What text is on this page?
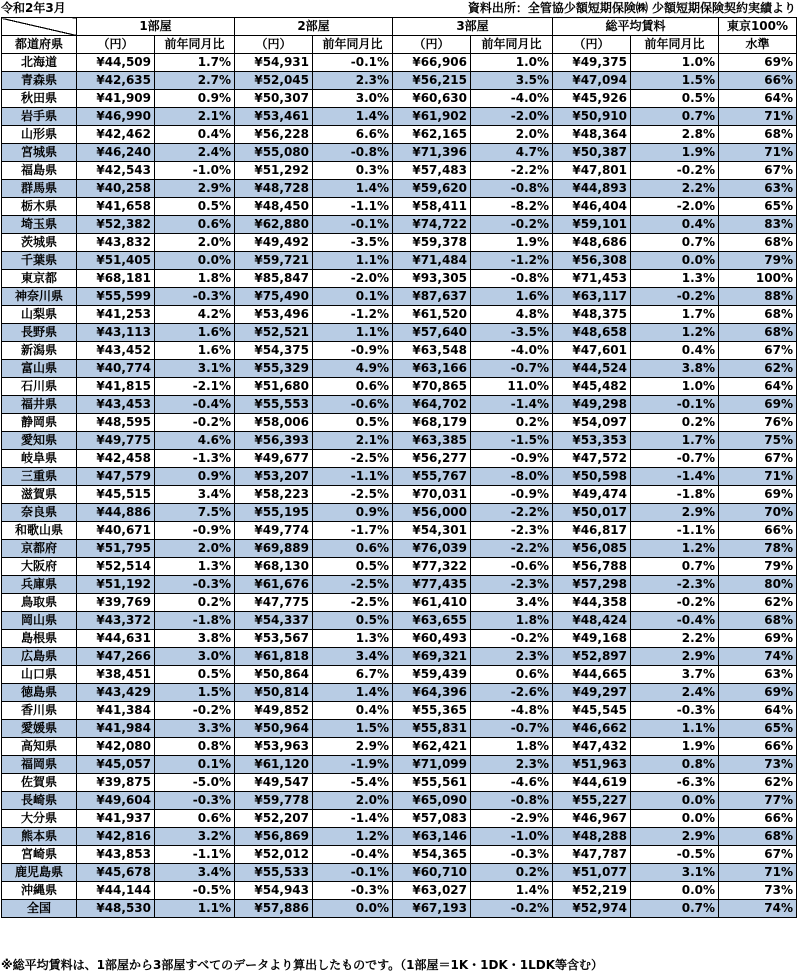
令和2年3月	資料出所：全管協少額短期保険㈱ 少額短期保険契約実績より
	1部屋		2部屋		3部屋		総平均賃料		東京100%
都道府県	（円）	前年同月比	（円）	前年同月比	（円）	前年同月比	（円）	前年同月比	水準
北海道	¥44,509	1.7%	¥54,931	-0.1%	¥66,906	1.0%	¥49,375	1.0%	69%
青森県	¥42,635	2.7%	¥52,045	2.3%	¥56,215	3.5%	¥47,094	1.5%	66%
秋田県	¥41,909	0.9%	¥50,307	3.0%	¥60,630	-4.0%	¥45,926	0.5%	64%
岩手県	¥46,990	2.1%	¥53,461	1.4%	¥61,902	-2.0%	¥50,910	0.7%	71%
山形県	¥42,462	0.4%	¥56,228	6.6%	¥62,165	2.0%	¥48,364	2.8%	68%
宮城県	¥46,240	2.4%	¥55,080	-0.8%	¥71,396	4.7%	¥50,387	1.9%	71%
福島県	¥42,543	-1.0%	¥51,292	0.3%	¥57,483	-2.2%	¥47,801	-0.2%	67%
群馬県	¥40,258	2.9%	¥48,728	1.4%	¥59,620	-0.8%	¥44,893	2.2%	63%
栃木県	¥41,658	0.5%	¥48,450	-1.1%	¥58,411	-8.2%	¥46,404	-2.0%	65%
埼玉県	¥52,382	0.6%	¥62,880	-0.1%	¥74,722	-0.2%	¥59,101	0.4%	83%
茨城県	¥43,832	2.0%	¥49,492	-3.5%	¥59,378	1.9%	¥48,686	0.7%	68%
千葉県	¥51,405	0.0%	¥59,721	1.1%	¥71,484	-1.2%	¥56,308	0.0%	79%
東京都	¥68,181	1.8%	¥85,847	-2.0%	¥93,305	-0.8%	¥71,453	1.3%	100%
神奈川県	¥55,599	-0.3%	¥75,490	0.1%	¥87,637	1.6%	¥63,117	-0.2%	88%
山梨県	¥41,253	4.2%	¥53,496	-1.2%	¥61,520	4.8%	¥48,375	1.7%	68%
長野県	¥43,113	1.6%	¥52,521	1.1%	¥57,640	-3.5%	¥48,658	1.2%	68%
新潟県	¥43,452	1.6%	¥54,375	-0.9%	¥63,548	-4.0%	¥47,601	0.4%	67%
富山県	¥40,774	3.1%	¥55,329	4.9%	¥63,166	-0.7%	¥44,524	3.8%	62%
石川県	¥41,815	-2.1%	¥51,680	0.6%	¥70,865	11.0%	¥45,482	1.0%	64%
福井県	¥43,453	-0.4%	¥55,553	-0.6%	¥64,702	-1.4%	¥49,298	-0.1%	69%
静岡県	¥48,595	-0.2%	¥58,006	0.5%	¥68,179	0.2%	¥54,097	0.2%	76%
愛知県	¥49,775	4.6%	¥56,393	2.1%	¥63,385	-1.5%	¥53,353	1.7%	75%
岐阜県	¥42,458	-1.3%	¥49,677	-2.5%	¥56,277	-0.9%	¥47,572	-0.7%	67%
三重県	¥47,579	0.9%	¥53,207	-1.1%	¥55,767	-8.0%	¥50,598	-1.4%	71%
滋賀県	¥45,515	3.4%	¥58,223	-2.5%	¥70,031	-0.9%	¥49,474	-1.8%	69%
奈良県	¥44,886	7.5%	¥55,195	0.9%	¥56,000	-2.2%	¥50,017	2.9%	70%
和歌山県	¥40,671	-0.9%	¥49,774	-1.7%	¥54,301	-2.3%	¥46,817	-1.1%	66%
京都府	¥51,795	2.0%	¥69,889	0.6%	¥76,039	-2.2%	¥56,085	1.2%	78%
大阪府	¥52,514	1.3%	¥68,130	0.5%	¥77,322	-0.6%	¥56,788	0.7%	79%
兵庫県	¥51,192	-0.3%	¥61,676	-2.5%	¥77,435	-2.3%	¥57,298	-2.3%	80%
鳥取県	¥39,769	0.2%	¥47,775	-2.5%	¥61,410	3.4%	¥44,358	-0.2%	62%
岡山県	¥43,372	-1.8%	¥54,337	0.5%	¥63,655	1.8%	¥48,424	-0.4%	68%
島根県	¥44,631	3.8%	¥53,567	1.3%	¥60,493	-0.2%	¥49,168	2.2%	69%
広島県	¥47,266	3.0%	¥61,818	3.4%	¥69,321	2.3%	¥52,897	2.9%	74%
山口県	¥38,451	0.5%	¥50,864	6.7%	¥59,439	0.6%	¥44,665	3.7%	63%
徳島県	¥43,429	1.5%	¥50,814	1.4%	¥64,396	-2.6%	¥49,297	2.4%	69%
香川県	¥41,384	-0.2%	¥49,852	0.4%	¥55,365	-4.8%	¥45,545	-0.3%	64%
愛媛県	¥41,984	3.3%	¥50,964	1.5%	¥55,831	-0.7%	¥46,662	1.1%	65%
高知県	¥42,080	0.8%	¥53,963	2.9%	¥62,421	1.8%	¥47,432	1.9%	66%
福岡県	¥45,057	0.1%	¥61,120	-1.9%	¥71,099	2.3%	¥51,963	0.8%	73%
佐賀県	¥39,875	-5.0%	¥49,547	-5.4%	¥55,561	-4.6%	¥44,619	-6.3%	62%
長崎県	¥49,604	-0.3%	¥59,778	2.0%	¥65,090	-0.8%	¥55,227	0.0%	77%
大分県	¥41,937	0.6%	¥52,207	-1.4%	¥57,083	-2.9%	¥46,967	0.0%	66%
熊本県	¥42,816	3.2%	¥56,869	1.2%	¥63,146	-1.0%	¥48,288	2.9%	68%
宮崎県	¥43,853	-1.1%	¥52,012	-0.4%	¥54,365	-0.3%	¥47,787	-0.5%	67%
鹿児島県	¥45,678	3.4%	¥55,533	-0.1%	¥60,710	0.2%	¥51,077	3.1%	71%
沖縄県	¥44,144	-0.5%	¥54,943	-0.3%	¥63,027	1.4%	¥52,219	0.0%	73%
全国	¥48,530	1.1%	¥57,886	0.0%	¥67,193	-0.2%	¥52,974	0.7%	74%
※総平均賃料は、1部屋から3部屋すべてのデータより算出したものです。（1部屋＝1K・1DK・1LDK等含む）
